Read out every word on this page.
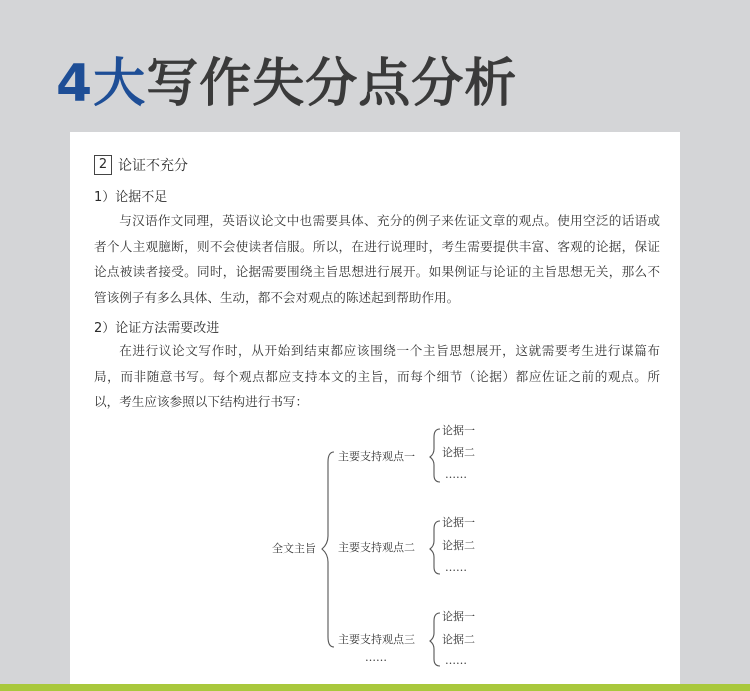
4大写作失分点分析
2 论证不充分
1）论据不足

与汉语作文同理，英语议论文中也需要具体、充分的例子来佐证文章的观点。使用空泛的话语或者个人主观臆断，则不会使读者信服。所以，在进行说理时，考生需要提供丰富、客观的论据，保证论点被读者接受。同时，论据需要围绕主旨思想进行展开。如果例证与论证的主旨思想无关，那么不管该例子有多么具体、生动，都不会对观点的陈述起到帮助作用。

2）论证方法需要改进

在进行议论文写作时，从开始到结束都应该围绕一个主旨思想展开，这就需要考生进行谋篇布局，而非随意书写。每个观点都应支持本文的主旨，而每个细节（论据）都应佐证之前的观点。所以，考生应该参照以下结构进行书写：

全文主旨
主要支持观点一
论据一
论据二
……
主要支持观点二
论据一
论据二
……
主要支持观点三
论据一
论据二
……
……
